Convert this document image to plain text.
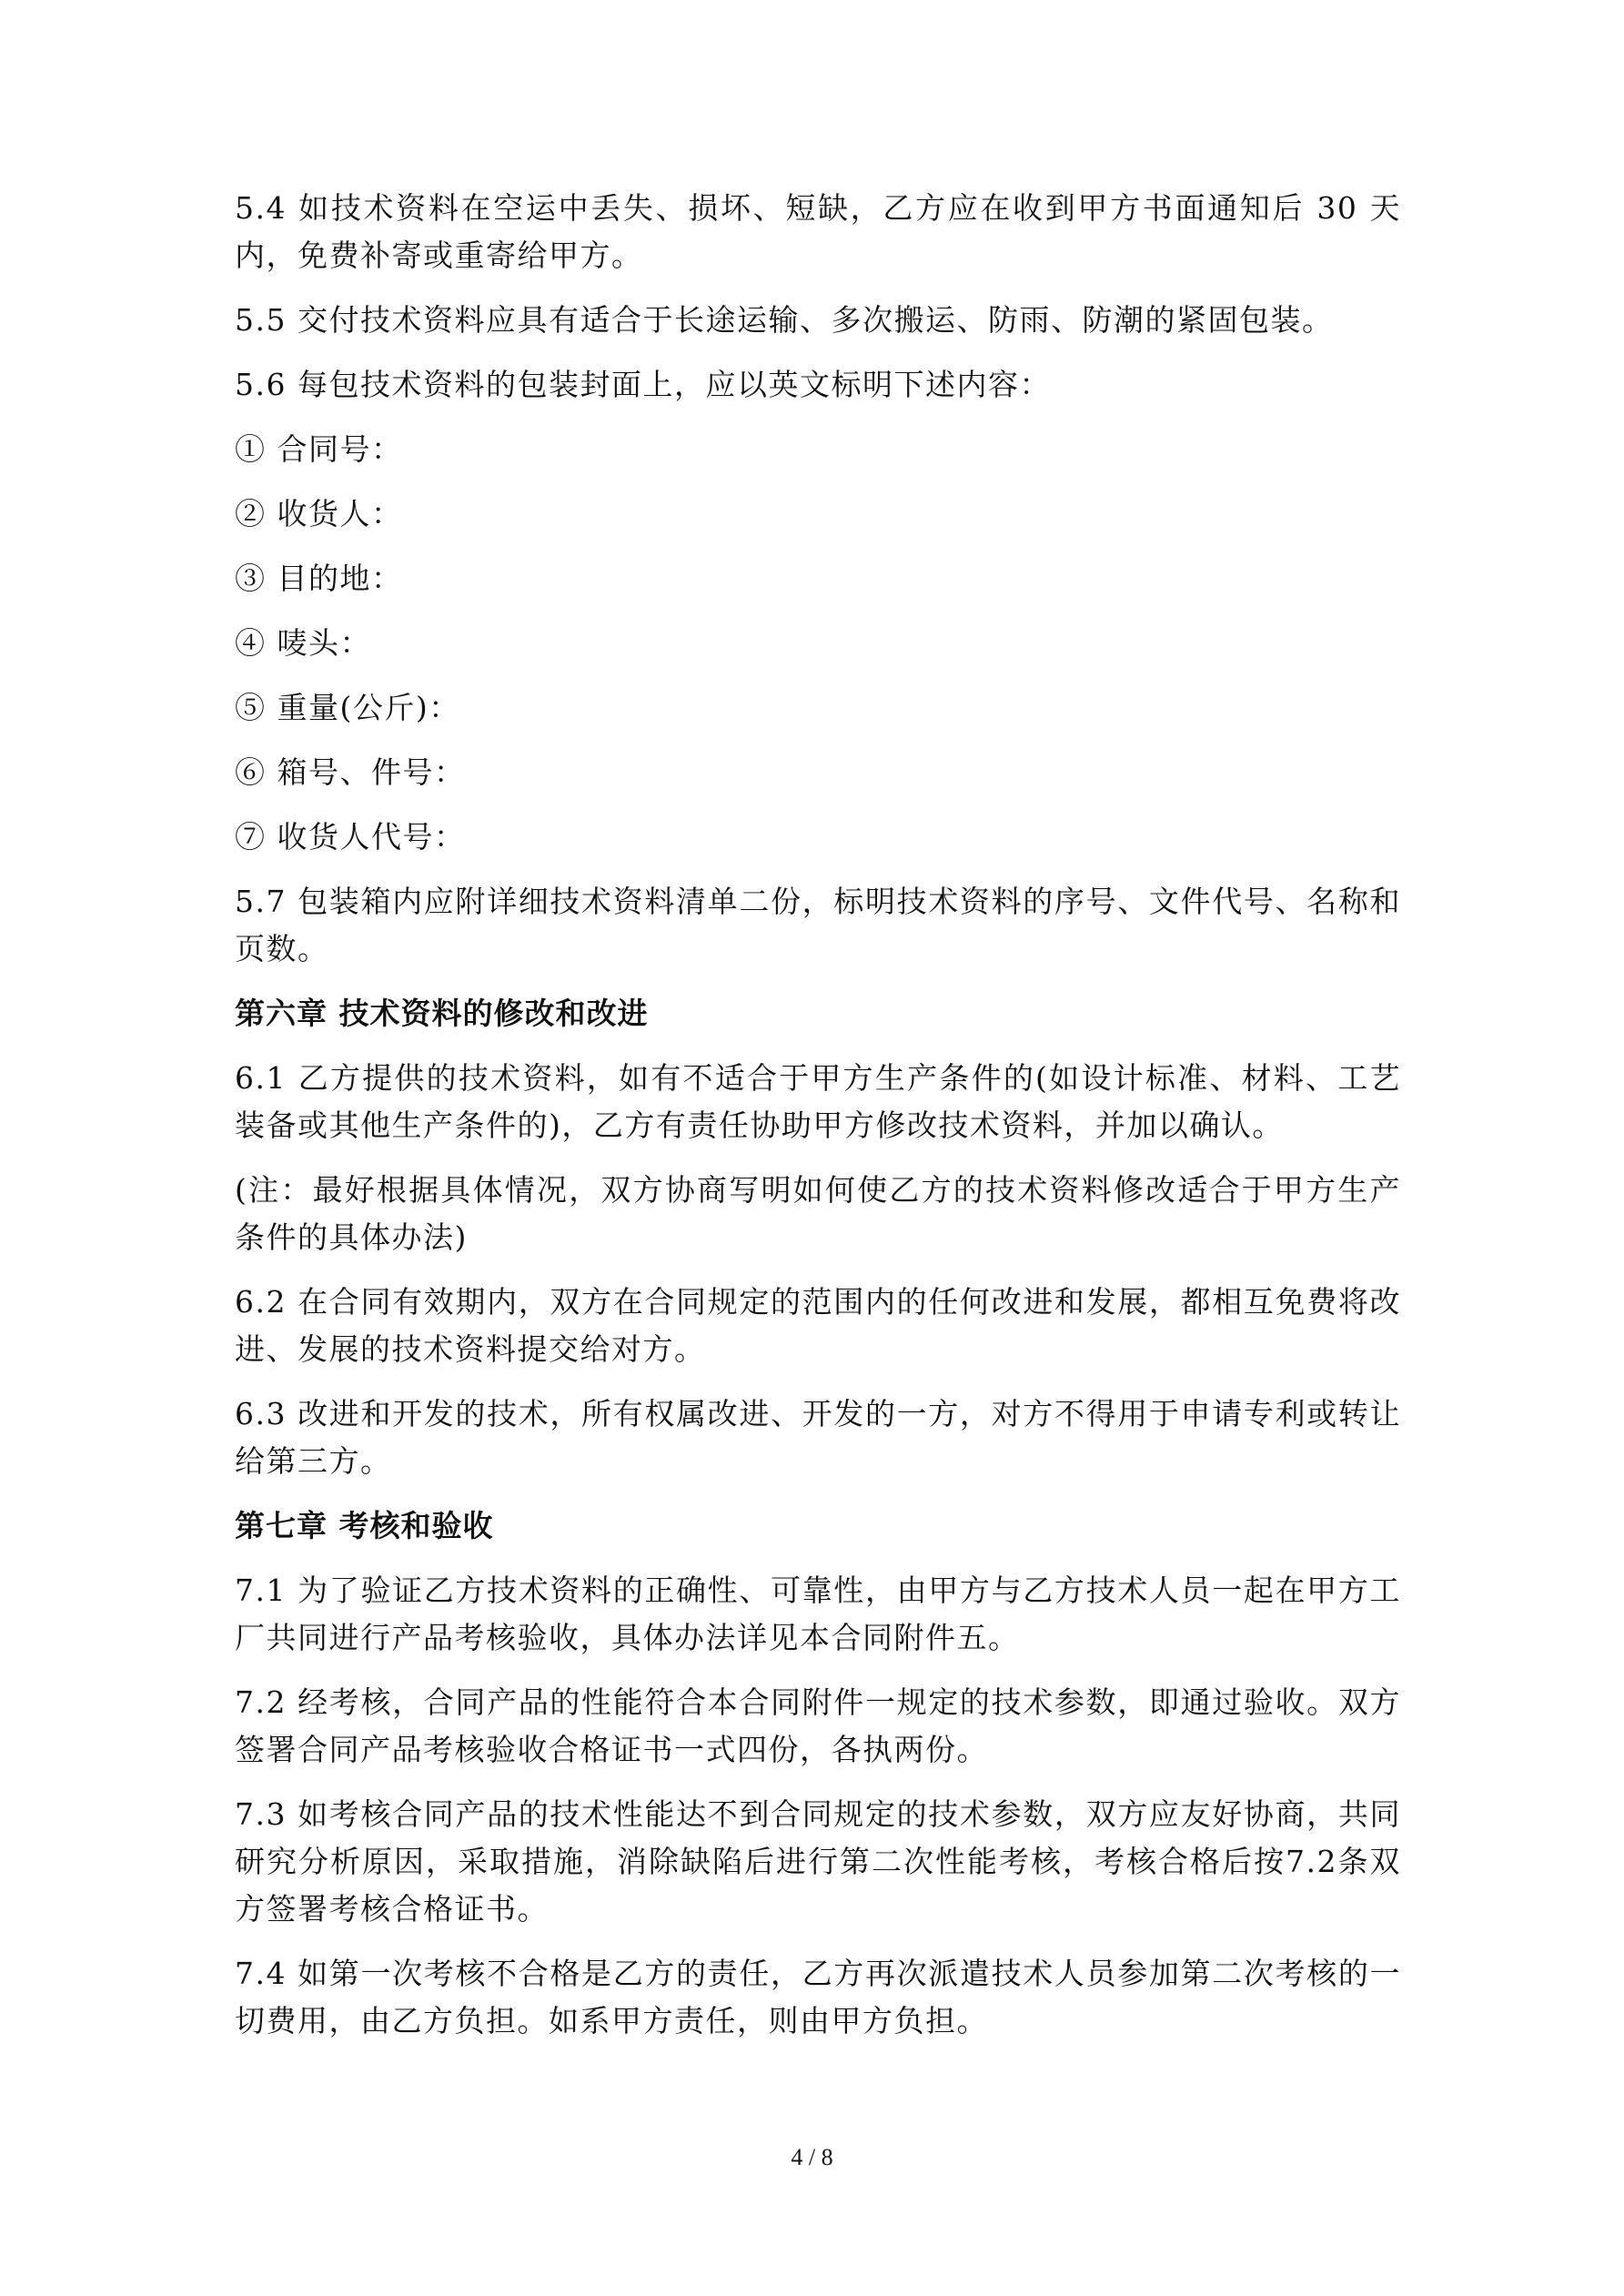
5.4 如技术资料在空运中丢失、损坏、短缺，乙方应在收到甲方书面通知后 30 天内，免费补寄或重寄给甲方。

5.5 交付技术资料应具有适合于长途运输、多次搬运、防雨、防潮的紧固包装。

5.6 每包技术资料的包装封面上，应以英文标明下述内容：

① 合同号：

② 收货人：

③ 目的地：

④ 唛头：

⑤ 重量(公斤)：

⑥ 箱号、件号：

⑦ 收货人代号：

5.7 包装箱内应附详细技术资料清单二份，标明技术资料的序号、文件代号、名称和页数。

第六章 技术资料的修改和改进

6.1 乙方提供的技术资料，如有不适合于甲方生产条件的(如设计标准、材料、工艺装备或其他生产条件的)，乙方有责任协助甲方修改技术资料，并加以确认。

(注：最好根据具体情况，双方协商写明如何使乙方的技术资料修改适合于甲方生产条件的具体办法)

6.2 在合同有效期内，双方在合同规定的范围内的任何改进和发展，都相互免费将改进、发展的技术资料提交给对方。

6.3 改进和开发的技术，所有权属改进、开发的一方，对方不得用于申请专利或转让给第三方。

第七章 考核和验收

7.1 为了验证乙方技术资料的正确性、可靠性，由甲方与乙方技术人员一起在甲方工厂共同进行产品考核验收，具体办法详见本合同附件五。

7.2 经考核，合同产品的性能符合本合同附件一规定的技术参数，即通过验收。双方签署合同产品考核验收合格证书一式四份，各执两份。

7.3 如考核合同产品的技术性能达不到合同规定的技术参数，双方应友好协商，共同研究分析原因，采取措施，消除缺陷后进行第二次性能考核，考核合格后按7.2条双方签署考核合格证书。

7.4 如第一次考核不合格是乙方的责任，乙方再次派遣技术人员参加第二次考核的一切费用，由乙方负担。如系甲方责任，则由甲方负担。

4 / 8
